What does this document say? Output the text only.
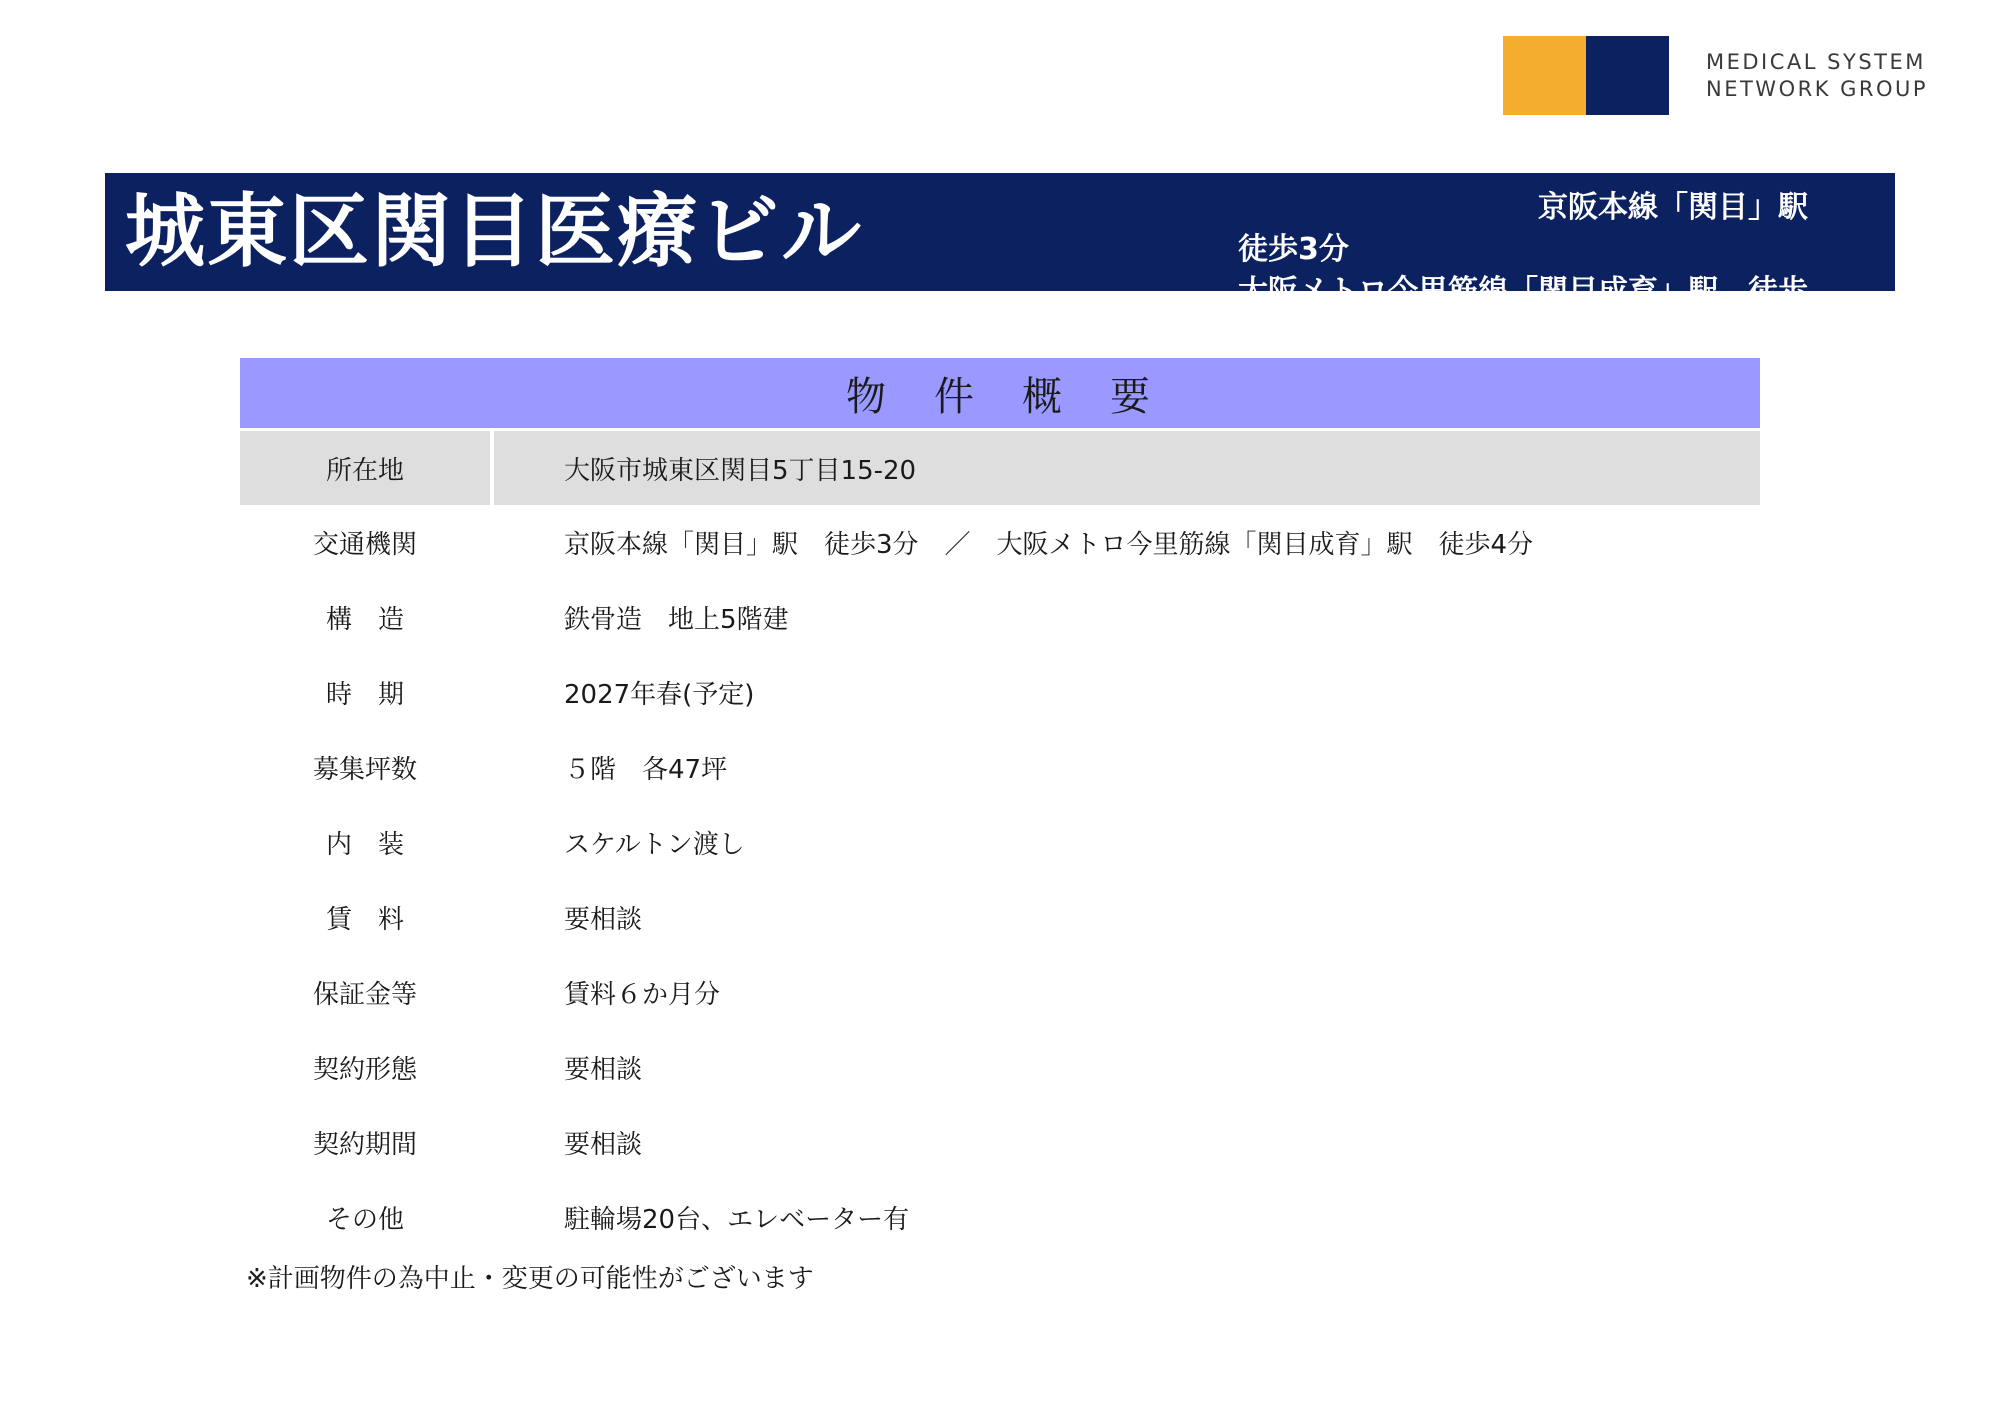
MEDICAL SYSTEM
NETWORK GROUP
城東区関目医療ビル	京阪本線「関目」駅
徒歩3分
大阪メトロ今里筋線「関目成育」駅　徒歩
物　件　概　要
所在地	大阪市城東区関目5丁目15-20
交通機関	京阪本線「関目」駅　徒歩3分　／　大阪メトロ今里筋線「関目成育」駅　徒歩4分
構　造	鉄骨造　地上5階建
時　期	2027年春(予定)
募集坪数	５階　各47坪
内　装	スケルトン渡し
賃　料	要相談
保証金等	賃料６か月分
契約形態	要相談
契約期間	要相談
その他	駐輪場20台、エレベーター有
※計画物件の為中止・変更の可能性がございます
